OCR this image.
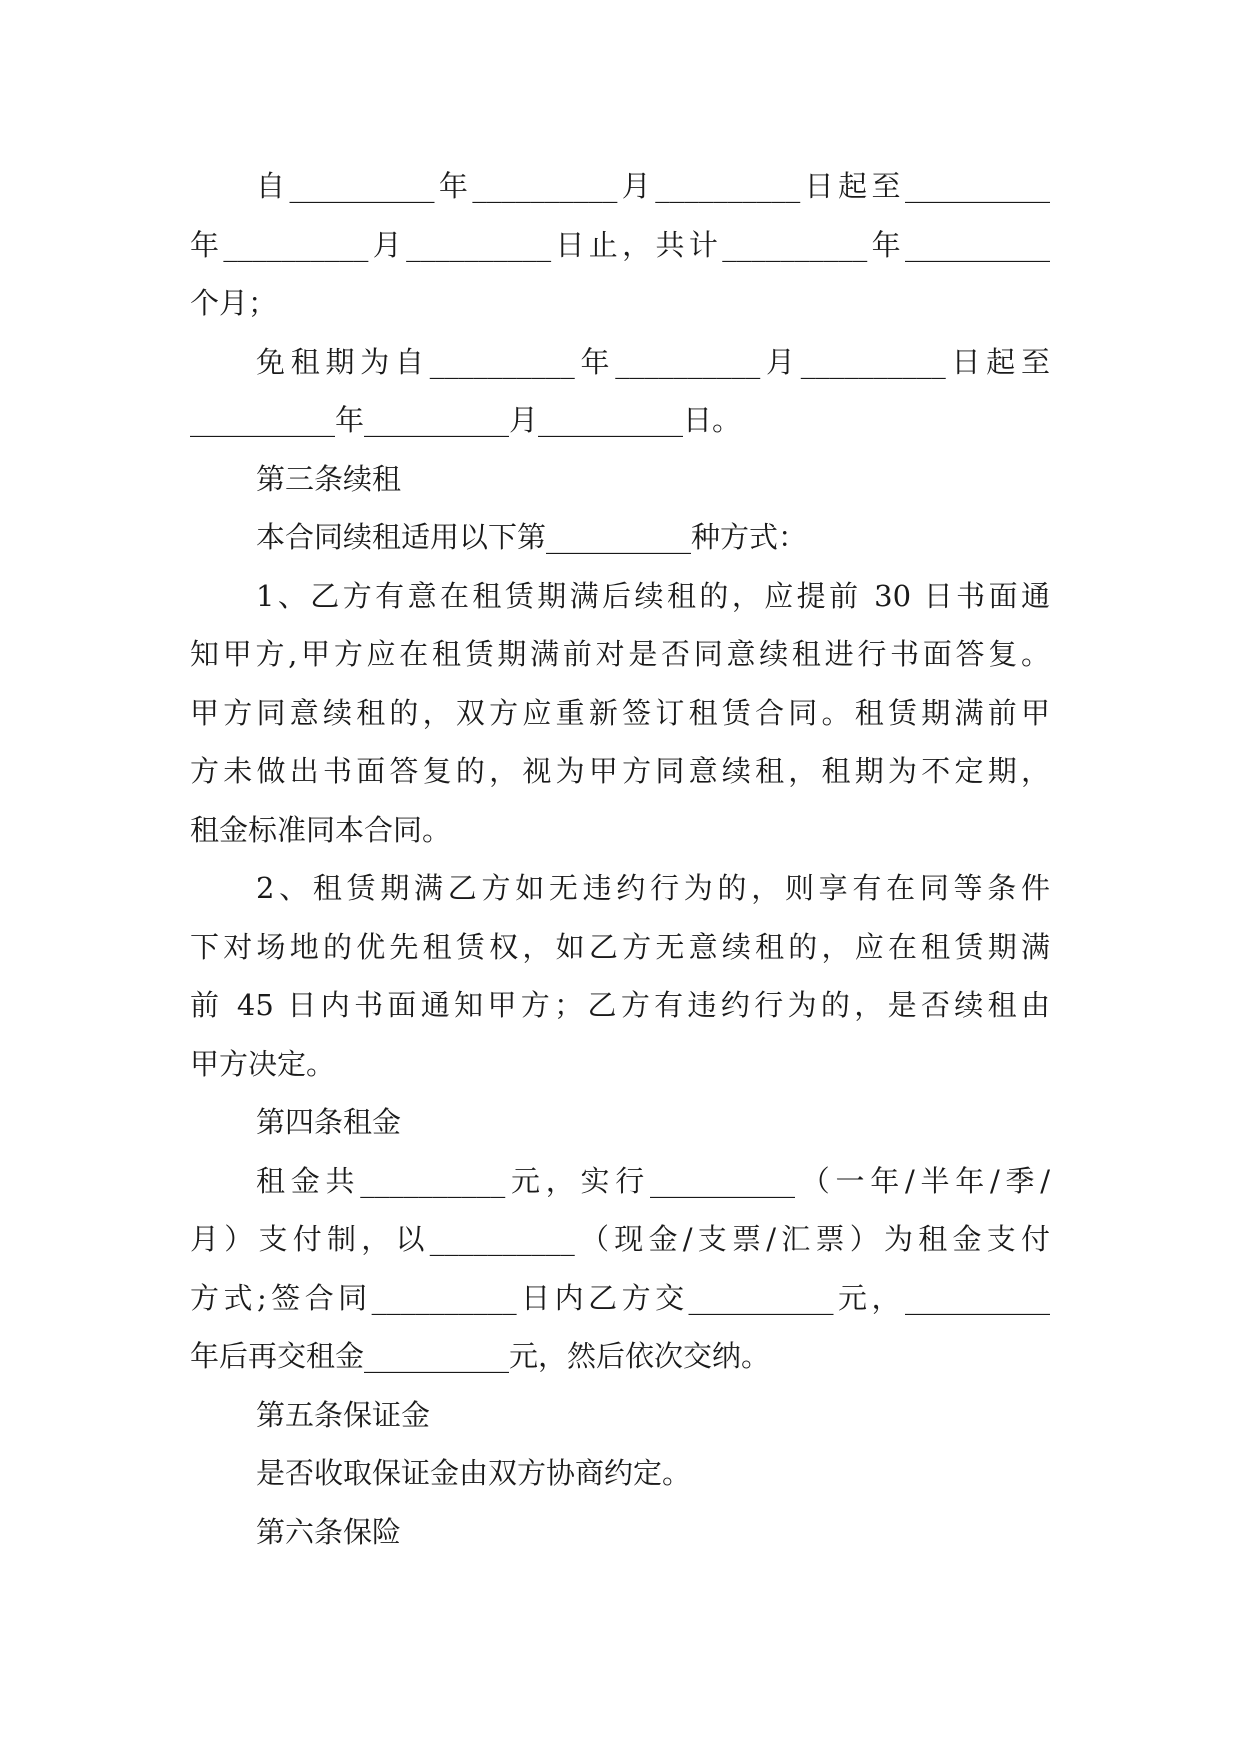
自__________年__________月__________日起至__________
年__________月__________日止，共计__________年__________
个月；
免租期为自__________年__________月__________日起至
__________年__________月__________日。
第三条续租
本合同续租适用以下第__________种方式：
1、乙方有意在租赁期满后续租的，应提前 30 日书面通
知甲方,甲方应在租赁期满前对是否同意续租进行书面答复。
甲方同意续租的，双方应重新签订租赁合同。租赁期满前甲
方未做出书面答复的，视为甲方同意续租，租期为不定期，
租金标准同本合同。
2、租赁期满乙方如无违约行为的，则享有在同等条件
下对场地的优先租赁权，如乙方无意续租的，应在租赁期满
前 45 日内书面通知甲方；乙方有违约行为的，是否续租由
甲方决定。
第四条租金
租金共__________元，实行__________（一年/半年/季/
月）支付制，以__________（现金/支票/汇票）为租金支付
方式;签合同__________日内乙方交__________元，__________
年后再交租金__________元，然后依次交纳。
第五条保证金
是否收取保证金由双方协商约定。
第六条保险
